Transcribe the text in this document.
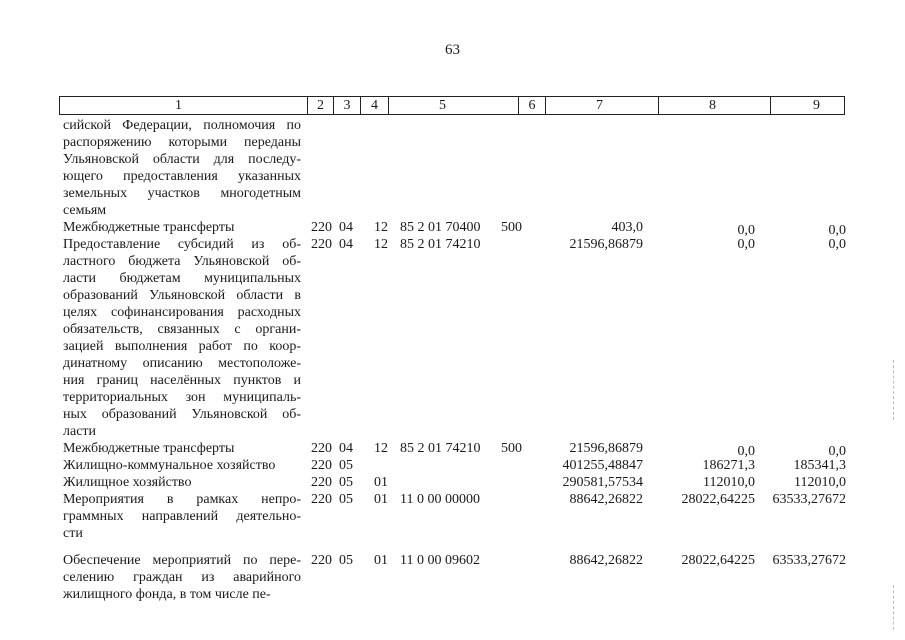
63
1	2	3	4	5	6	7	8	9
сийской Федерации, полномочия по
распоряжению которыми переданы
Ульяновской области для последу-
ющего предоставления указанных
земельных участков многодетным
семьям
Межбюджетные трансферты	220 04 12 85 2 01 70400 500	403,0	0,0	0,0
Предоставление субсидий из об-
ластного бюджета Ульяновской об-
ласти бюджетам муниципальных
образований Ульяновской области в
целях софинансирования расходных
обязательств, связанных с органи-
зацией выполнения работ по коор-
динатному описанию местоположе-
ния границ населённых пунктов и
территориальных зон муниципаль-
ных образований Ульяновской об-
ласти
220 04 12 85 2 01 74210	21596,86879	0,0	0,0
Межбюджетные трансферты	220 04 12 85 2 01 74210 500	21596,86879	0,0	0,0
Жилищно-коммунальное хозяйство	220 05	401255,48847	186271,3	185341,3
Жилищное хозяйство	220 05 01	290581,57534	112010,0	112010,0
Мероприятия в рамках непро-
граммных направлений деятельно-
сти
220 05 01 11 0 00 00000	88642,26822	28022,64225 63533,27672
Обеспечение мероприятий по пере-
селению граждан из аварийного
жилищного фонда, в том числе пе-
220 05 01 11 0 00 09602	88642,26822	28022,64225 63533,27672
